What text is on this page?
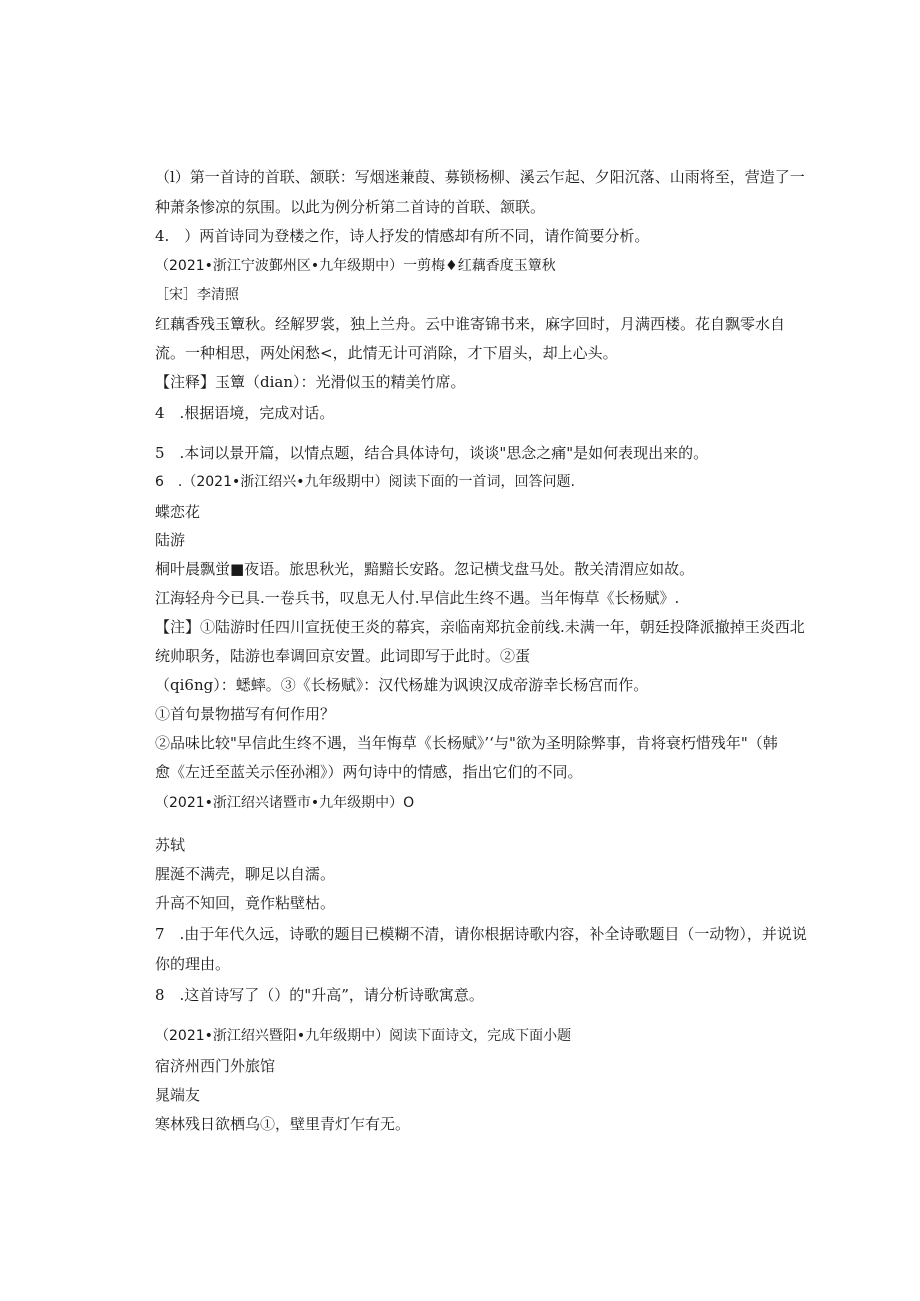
（l）第一首诗的首联、颔联：写烟迷兼葭、募锁杨柳、溪云乍起、夕阳沉落、山雨将至，营造了一
种萧条惨凉的氛围。以此为例分析第二首诗的首联、颔联。
4.　）两首诗同为登楼之作，诗人抒发的情感却有所不同，请作简要分析。
（2021•浙江宁波鄞州区•九年级期中）一剪梅♦红藕香度玉簟秋
［宋］李清照
红藕香残玉簟秋。经解罗裳，独上兰舟。云中谁寄锦书来，麻字回时，月满西楼。花自飘零水自
流。一种相思，两处闲愁<，此情无计可消除，才下眉头，却上心头。
【注释】玉簟（dian）：光滑似玉的精美竹席。
4　.根据语境，完成对话。
5　.本词以景开篇，以情点题，结合具体诗句，谈谈"思念之痛"是如何表现出来的。
6　.（2021•浙江绍兴•九年级期中）阅读下面的一首词，回答问题.
蝶恋花
陆游
桐叶晨飘蛍■夜语。旅思秋光，黯黯长安路。忽记横戈盘马处。散关清渭应如故。
江海轻舟今已具.一卷兵书，叹息无人付.早信此生终不遇。当年悔草《长杨赋》.
【注】①陆游时任四川宣抚使王炎的幕宾，亲临南郑抗金前线.未满一年，朝廷投降派撤掉王炎西北
统帅职务，陆游也奉调回京安置。此词即写于此时。②蛋
（qi6ng）：蟋蟀。③《长杨赋》：汉代杨雄为讽谀汉成帝游幸长杨宫而作。
①首句景物描写有何作用？
②品味比较"早信此生终不遇，当年悔草《长杨赋》’‘与"欲为圣明除弊事，肯将衰朽惜残年"（韩
愈《左迁至蓝关示侄孙湘》）两句诗中的情感，指出它们的不同。
（2021•浙江绍兴诸暨市•九年级期中）O
苏轼
腥涎不满壳，聊足以自濡。
升高不知回，竟作粘壁枯。
7　.由于年代久远，诗歌的题目已模糊不清，请你根据诗歌内容，补全诗歌题目（一动物），并说说
你的理由。
8　.这首诗写了（）的"升高”，请分析诗歌寓意。
（2021•浙江绍兴暨阳•九年级期中）阅读下面诗文，完成下面小题
宿济州西门外旅馆
晁端友
寒林残日欲栖乌①，壁里青灯乍有无。
